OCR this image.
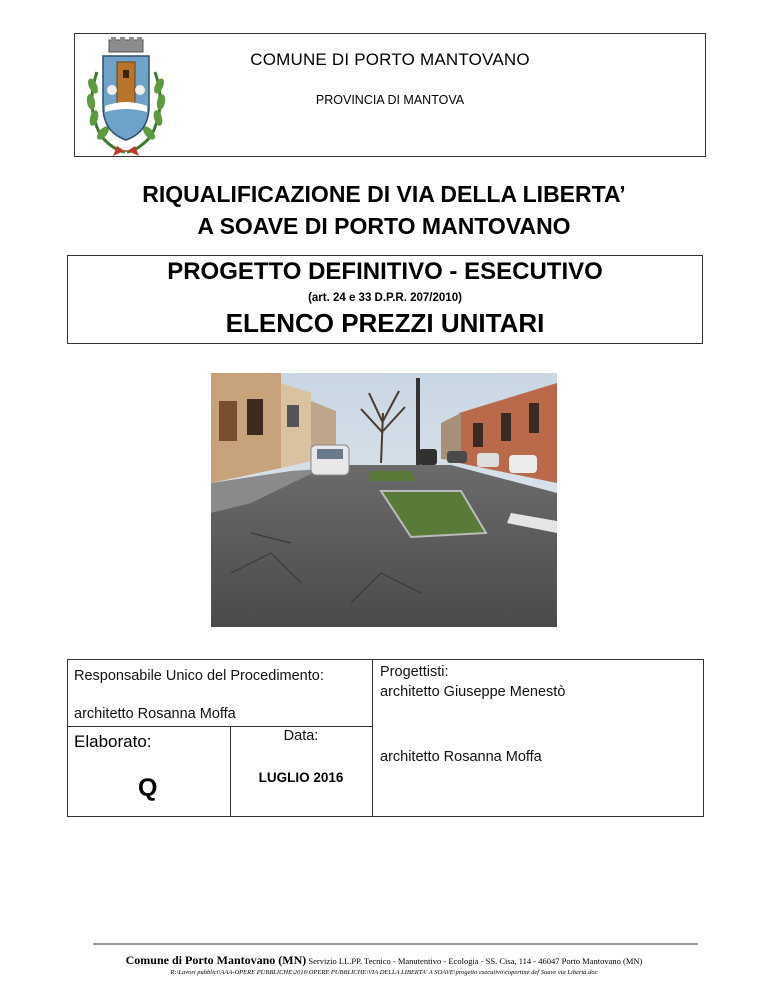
COMUNE DI PORTO MANTOVANO
PROVINCIA DI MANTOVA
RIQUALIFICAZIONE DI VIA DELLA LIBERTA’
A SOAVE DI PORTO MANTOVANO
PROGETTO DEFINITIVO - ESECUTIVO
(art. 24 e 33 D.P.R. 207/2010)
ELENCO PREZZI UNITARI
Responsabile Unico del Procedimento:
architetto Rosanna Moffa
Elaborato:
Q
Data:
LUGLIO 2016
Progettisti:
architetto Giuseppe Menestò
architetto Rosanna Moffa
Comune di Porto Mantovano (MN) Servizio LL.PP. Tecnico - Manutentivo - Ecologia - SS. Cisa, 114 - 46047 Porto Mantovano (MN)
R:\Lavori pubblici\AAA-OPERE PUBBLICHE\2016\OPERE PUBBLICHE\VIA DELLA LIBERTA' A SOAVE\progetto esecutivo\copertine def Soave via Libertà.doc
